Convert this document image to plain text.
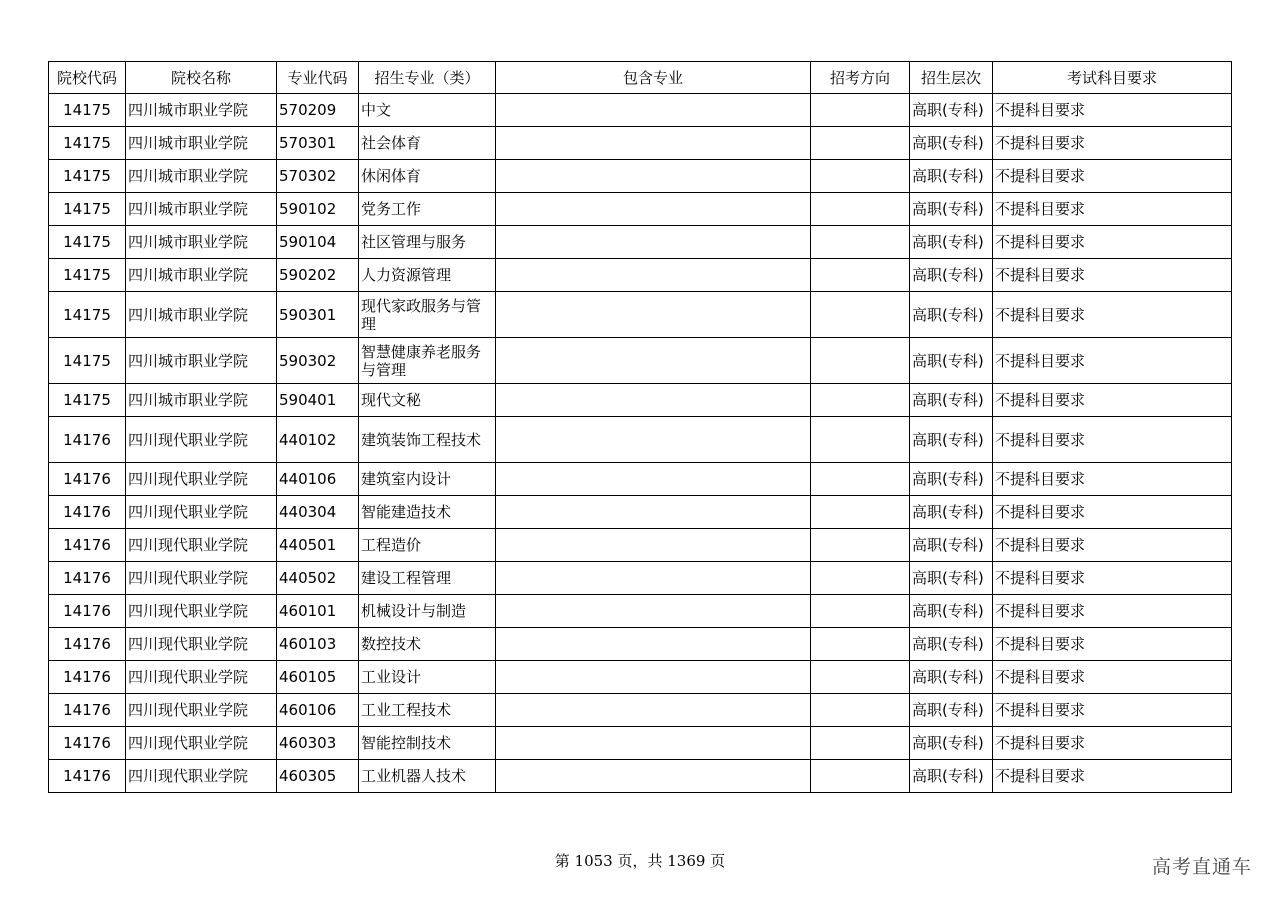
院校代码	院校名称	专业代码	招生专业（类）	包含专业	招考方向	招生层次	考试科目要求
14175	四川城市职业学院	570209	中文			高职(专科)	不提科目要求
14175	四川城市职业学院	570301	社会体育			高职(专科)	不提科目要求
14175	四川城市职业学院	570302	休闲体育			高职(专科)	不提科目要求
14175	四川城市职业学院	590102	党务工作			高职(专科)	不提科目要求
14175	四川城市职业学院	590104	社区管理与服务			高职(专科)	不提科目要求
14175	四川城市职业学院	590202	人力资源管理			高职(专科)	不提科目要求
14175	四川城市职业学院	590301	现代家政服务与管理			高职(专科)	不提科目要求
14175	四川城市职业学院	590302	智慧健康养老服务与管理			高职(专科)	不提科目要求
14175	四川城市职业学院	590401	现代文秘			高职(专科)	不提科目要求
14176	四川现代职业学院	440102	建筑装饰工程技术			高职(专科)	不提科目要求
14176	四川现代职业学院	440106	建筑室内设计			高职(专科)	不提科目要求
14176	四川现代职业学院	440304	智能建造技术			高职(专科)	不提科目要求
14176	四川现代职业学院	440501	工程造价			高职(专科)	不提科目要求
14176	四川现代职业学院	440502	建设工程管理			高职(专科)	不提科目要求
14176	四川现代职业学院	460101	机械设计与制造			高职(专科)	不提科目要求
14176	四川现代职业学院	460103	数控技术			高职(专科)	不提科目要求
14176	四川现代职业学院	460105	工业设计			高职(专科)	不提科目要求
14176	四川现代职业学院	460106	工业工程技术			高职(专科)	不提科目要求
14176	四川现代职业学院	460303	智能控制技术			高职(专科)	不提科目要求
14176	四川现代职业学院	460305	工业机器人技术			高职(专科)	不提科目要求
第 1053 页，共 1369 页	高考直通车
